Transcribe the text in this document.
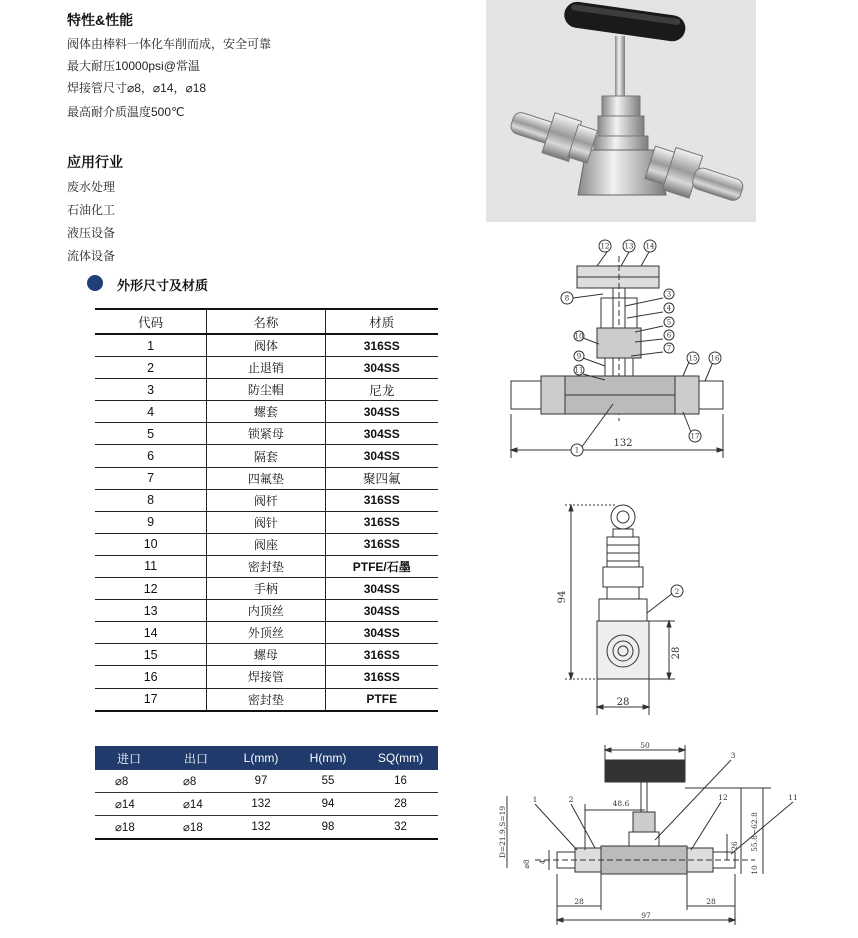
特性&性能
阀体由棒料一体化车削而成，安全可靠
最大耐压10000psi@常温
焊接管尺寸⌀8，⌀14，⌀18
最高耐介质温度500℃
应用行业
废水处理
石油化工
液压设备
流体设备
外形尺寸及材质
代码	名称	材质
1	阀体	316SS
2	止退销	304SS
3	防尘帽	尼龙
4	螺套	304SS
5	锁紧母	304SS
6	隔套	304SS
7	四氟垫	聚四氟
8	阀杆	316SS
9	阀针	316SS
10	阀座	316SS
11	密封垫	PTFE/石墨
12	手柄	304SS
13	内顶丝	304SS
14	外顶丝	304SS
15	螺母	316SS
16	焊接管	316SS
17	密封垫	PTFE
进口	出口	L(mm)	H(mm)	SQ(mm)
⌀8	⌀8	97	55	16
⌀14	⌀14	132	94	28
⌀18	⌀18	132	98	32
12 13 14
8	3
4
5
6
7
10
9
11
15 16
1
17
132
94
28
28
2
50
48.6
28	28
97
D=21.9,S=19
⌀8 4
26 55.8~62.8
10
1	2
3
12	11
